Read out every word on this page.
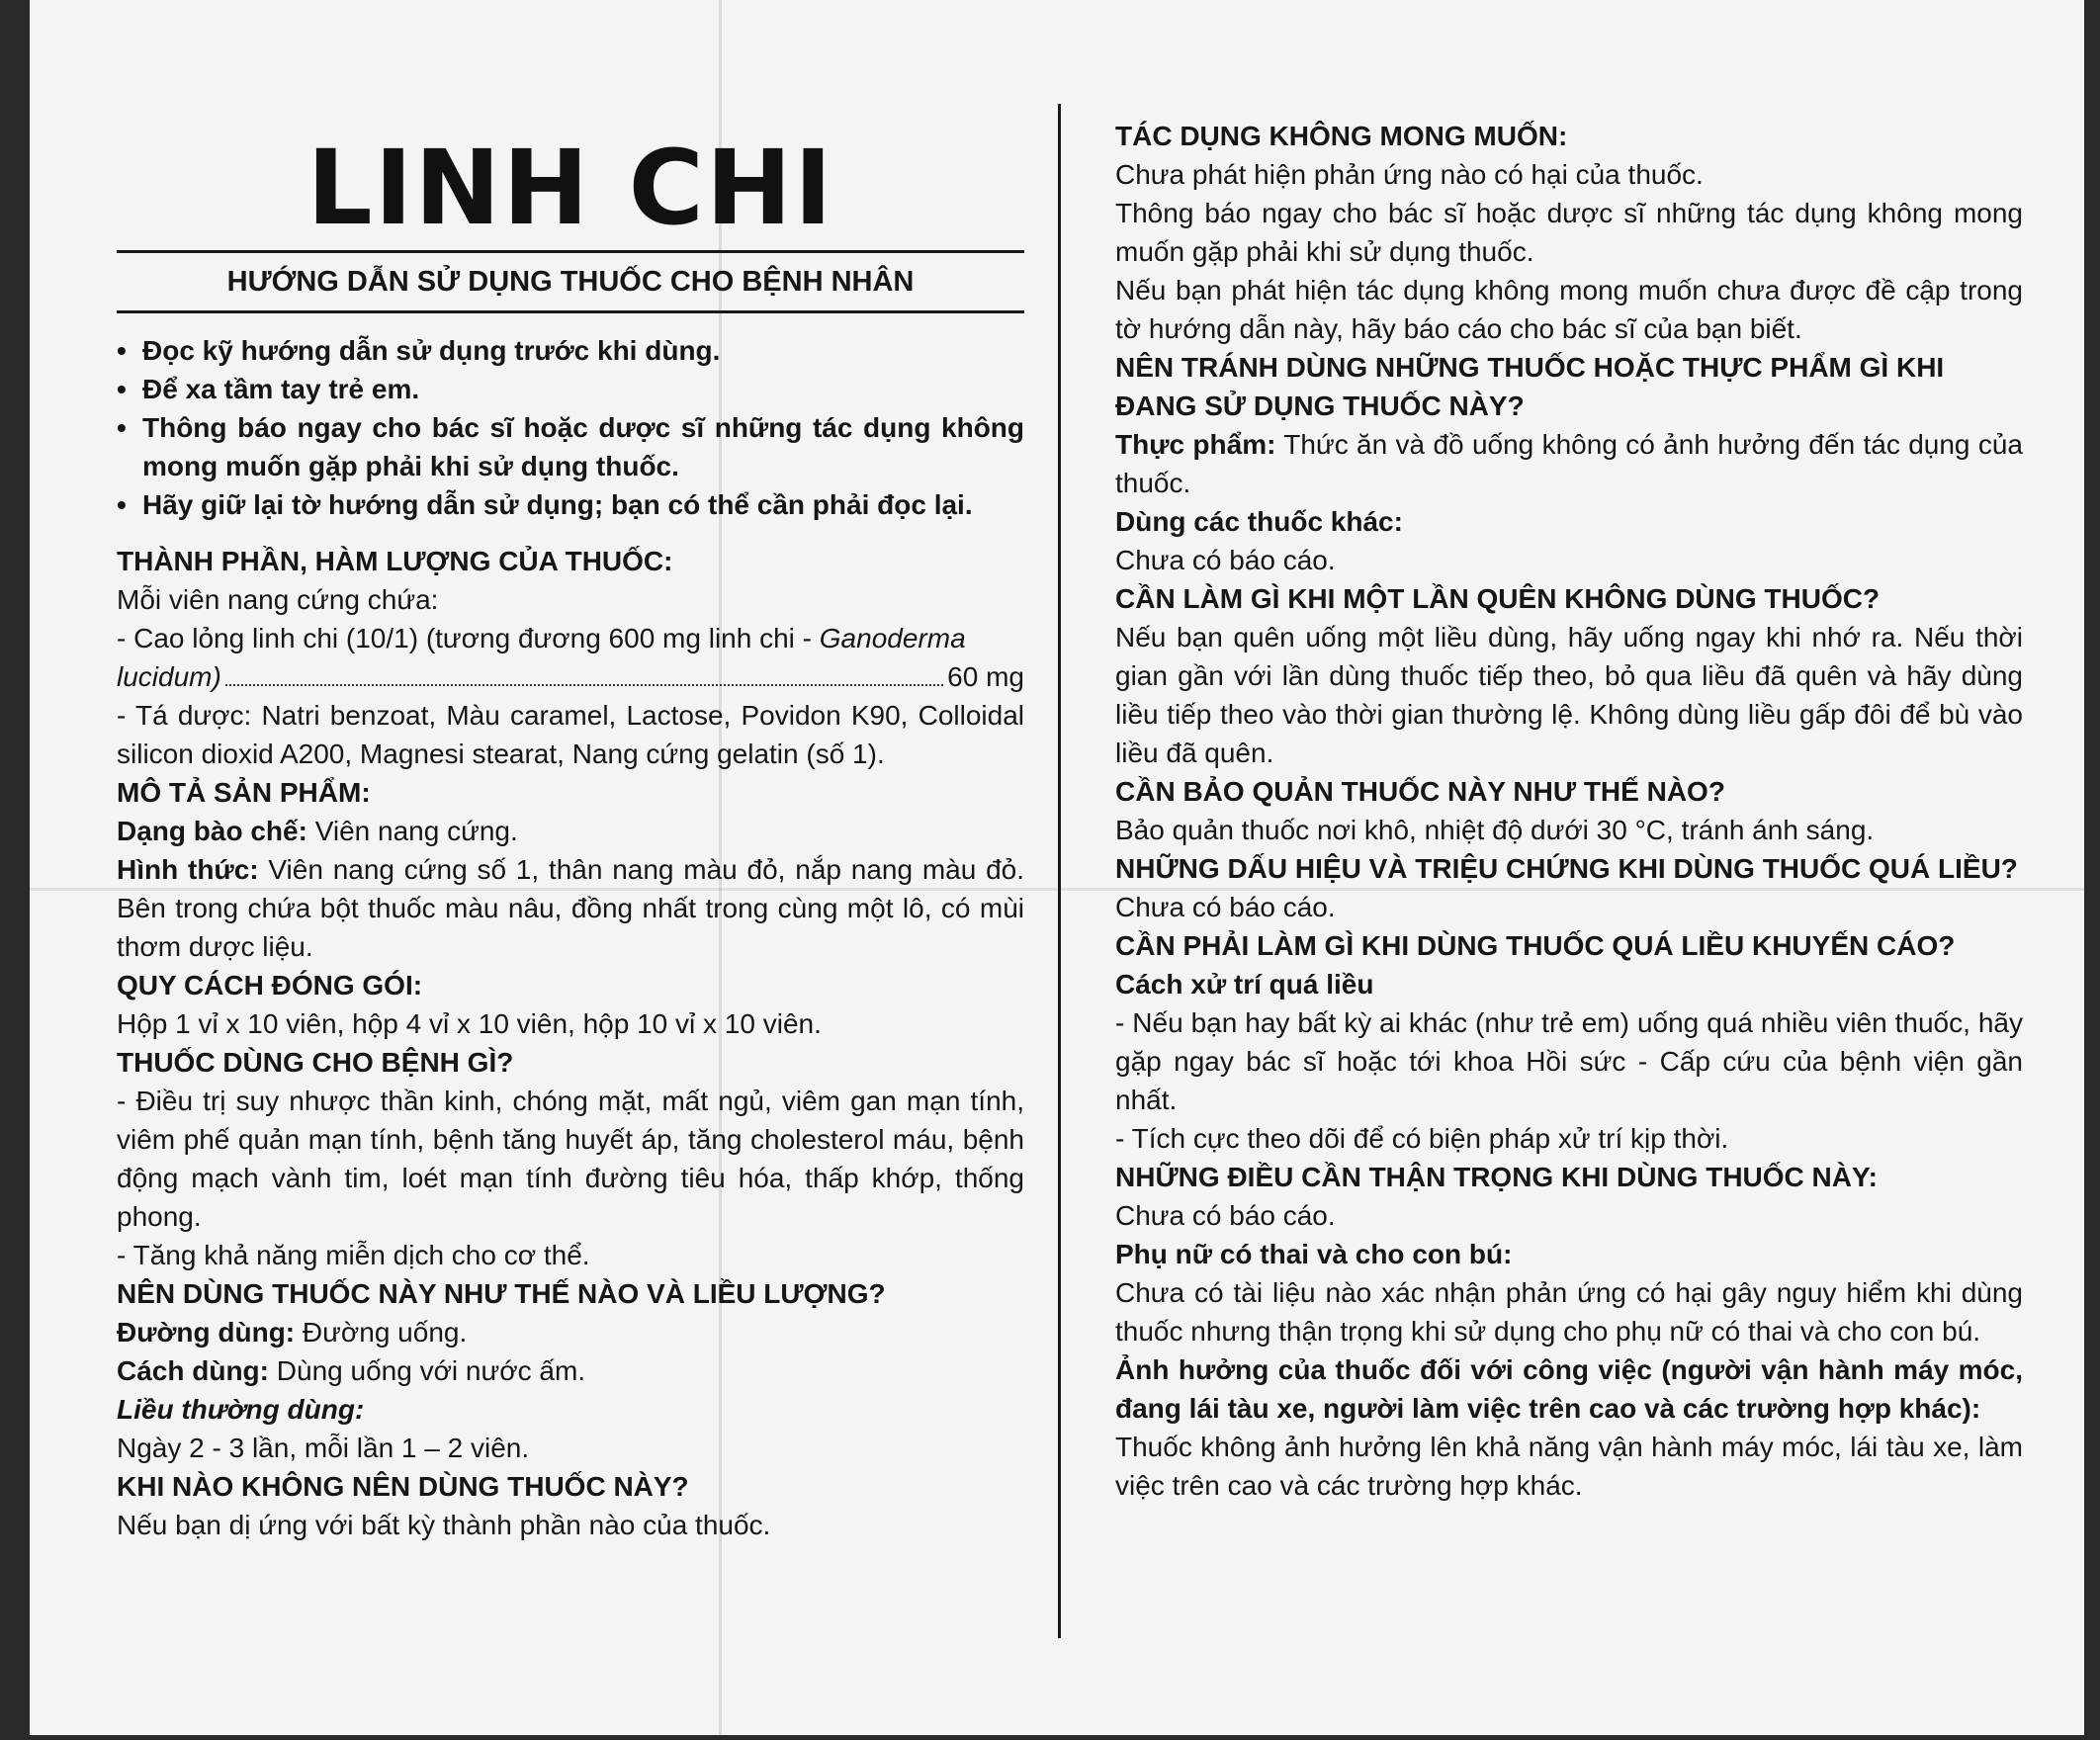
LINH CHI
HƯỚNG DẪN SỬ DỤNG THUỐC CHO BỆNH NHÂN
• Đọc kỹ hướng dẫn sử dụng trước khi dùng.
• Để xa tầm tay trẻ em.
• Thông báo ngay cho bác sĩ hoặc dược sĩ những tác dụng không mong muốn gặp phải khi sử dụng thuốc.
• Hãy giữ lại tờ hướng dẫn sử dụng; bạn có thể cần phải đọc lại.

THÀNH PHẦN, HÀM LƯỢNG CỦA THUỐC:

Mỗi viên nang cứng chứa:

- Cao lỏng linh chi (10/1) (tương đương 600 mg linh chi - Ganoderma

lucidum)	60 mg

- Tá dược: Natri benzoat, Màu caramel, Lactose, Povidon K90, Colloidal silicon dioxid A200, Magnesi stearat, Nang cứng gelatin (số 1).

MÔ TẢ SẢN PHẨM:

Dạng bào chế: Viên nang cứng.

Hình thức: Viên nang cứng số 1, thân nang màu đỏ, nắp nang màu đỏ. Bên trong chứa bột thuốc màu nâu, đồng nhất trong cùng một lô, có mùi thơm dược liệu.

QUY CÁCH ĐÓNG GÓI:

Hộp 1 vỉ x 10 viên, hộp 4 vỉ x 10 viên, hộp 10 vỉ x 10 viên.

THUỐC DÙNG CHO BỆNH GÌ?

- Điều trị suy nhược thần kinh, chóng mặt, mất ngủ, viêm gan mạn tính, viêm phế quản mạn tính, bệnh tăng huyết áp, tăng cholesterol máu, bệnh động mạch vành tim, loét mạn tính đường tiêu hóa, thấp khớp, thống phong.

- Tăng khả năng miễn dịch cho cơ thể.

NÊN DÙNG THUỐC NÀY NHƯ THẾ NÀO VÀ LIỀU LƯỢNG?

Đường dùng: Đường uống.

Cách dùng: Dùng uống với nước ấm.

Liều thường dùng:

Ngày 2 - 3 lần, mỗi lần 1 – 2 viên.

KHI NÀO KHÔNG NÊN DÙNG THUỐC NÀY?

Nếu bạn dị ứng với bất kỳ thành phần nào của thuốc.

TÁC DỤNG KHÔNG MONG MUỐN:

Chưa phát hiện phản ứng nào có hại của thuốc.

Thông báo ngay cho bác sĩ hoặc dược sĩ những tác dụng không mong muốn gặp phải khi sử dụng thuốc.

Nếu bạn phát hiện tác dụng không mong muốn chưa được đề cập trong tờ hướng dẫn này, hãy báo cáo cho bác sĩ của bạn biết.

NÊN TRÁNH DÙNG NHỮNG THUỐC HOẶC THỰC PHẨM GÌ KHI ĐANG SỬ DỤNG THUỐC NÀY?

Thực phẩm: Thức ăn và đồ uống không có ảnh hưởng đến tác dụng của thuốc.

Dùng các thuốc khác:

Chưa có báo cáo.

CẦN LÀM GÌ KHI MỘT LẦN QUÊN KHÔNG DÙNG THUỐC?

Nếu bạn quên uống một liều dùng, hãy uống ngay khi nhớ ra. Nếu thời gian gần với lần dùng thuốc tiếp theo, bỏ qua liều đã quên và hãy dùng liều tiếp theo vào thời gian thường lệ. Không dùng liều gấp đôi để bù vào liều đã quên.

CẦN BẢO QUẢN THUỐC NÀY NHƯ THẾ NÀO?

Bảo quản thuốc nơi khô, nhiệt độ dưới 30 °C, tránh ánh sáng.

NHỮNG DẤU HIỆU VÀ TRIỆU CHỨNG KHI DÙNG THUỐC QUÁ LIỀU?

Chưa có báo cáo.

CẦN PHẢI LÀM GÌ KHI DÙNG THUỐC QUÁ LIỀU KHUYẾN CÁO?

Cách xử trí quá liều

- Nếu bạn hay bất kỳ ai khác (như trẻ em) uống quá nhiều viên thuốc, hãy gặp ngay bác sĩ hoặc tới khoa Hồi sức - Cấp cứu của bệnh viện gần nhất.

- Tích cực theo dõi để có biện pháp xử trí kịp thời.

NHỮNG ĐIỀU CẦN THẬN TRỌNG KHI DÙNG THUỐC NÀY:

Chưa có báo cáo.

Phụ nữ có thai và cho con bú:

Chưa có tài liệu nào xác nhận phản ứng có hại gây nguy hiểm khi dùng thuốc nhưng thận trọng khi sử dụng cho phụ nữ có thai và cho con bú.

Ảnh hưởng của thuốc đối với công việc (người vận hành máy móc, đang lái tàu xe, người làm việc trên cao và các trường hợp khác):

Thuốc không ảnh hưởng lên khả năng vận hành máy móc, lái tàu xe, làm việc trên cao và các trường hợp khác.
